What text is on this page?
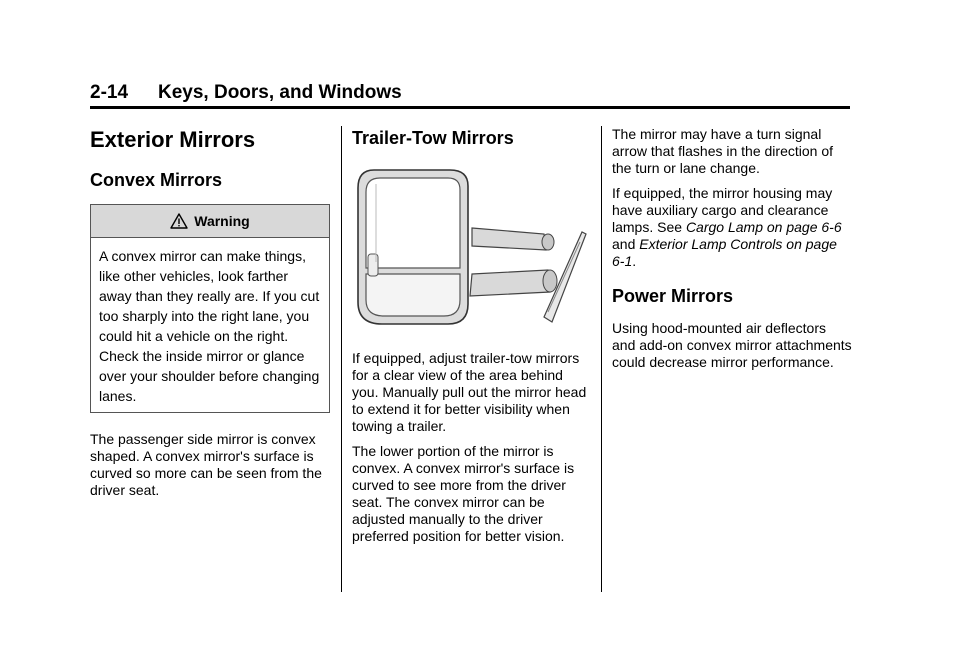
2-14 Keys, Doors, and Windows
Exterior Mirrors
Convex Mirrors
Warning
A convex mirror can make things, like other vehicles, look farther away than they really are. If you cut too sharply into the right lane, you could hit a vehicle on the right. Check the inside mirror or glance over your shoulder before changing lanes.

The passenger side mirror is convex shaped. A convex mirror's surface is curved so more can be seen from the driver seat.

Trailer-Tow Mirrors

If equipped, adjust trailer-tow mirrors for a clear view of the area behind you. Manually pull out the mirror head to extend it for better visibility when towing a trailer.

The lower portion of the mirror is convex. A convex mirror's surface is curved to see more from the driver seat. The convex mirror can be adjusted manually to the driver preferred position for better vision.

The mirror may have a turn signal arrow that flashes in the direction of the turn or lane change.

If equipped, the mirror housing may have auxiliary cargo and clearance lamps. See Cargo Lamp on page 6-6 and Exterior Lamp Controls on page 6-1.

Power Mirrors

Using hood-mounted air deflectors and add-on convex mirror attachments could decrease mirror performance.
